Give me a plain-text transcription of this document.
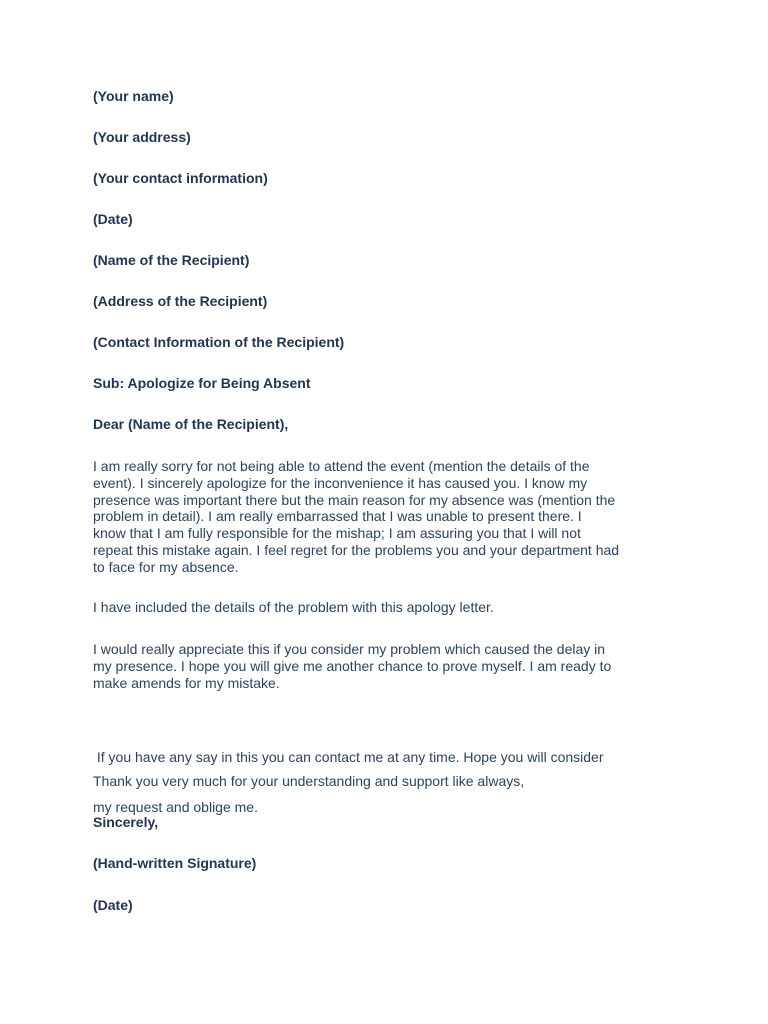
(Your name)
(Your address)
(Your contact information)
(Date)
(Name of the Recipient)
(Address of the Recipient)
(Contact Information of the Recipient)
Sub: Apologize for Being Absent
Dear (Name of the Recipient),
I am really sorry for not being able to attend the event (mention the details of the
event). I sincerely apologize for the inconvenience it has caused you. I know my
presence was important there but the main reason for my absence was (mention the
problem in detail). I am really embarrassed that I was unable to present there. I
know that I am fully responsible for the mishap; I am assuring you that I will not
repeat this mistake again. I feel regret for the problems you and your department had
to face for my absence.
I have included the details of the problem with this apology letter.
I would really appreciate this if you consider my problem which caused the delay in
my presence. I hope you will give me another chance to prove myself. I am ready to
make amends for my mistake.

If you have any say in this you can contact me at any time. Hope you will consider

my request and oblige me.

Thank you very much for your understanding and support like always,
Sincerely,
(Hand-written Signature)
(Date)
